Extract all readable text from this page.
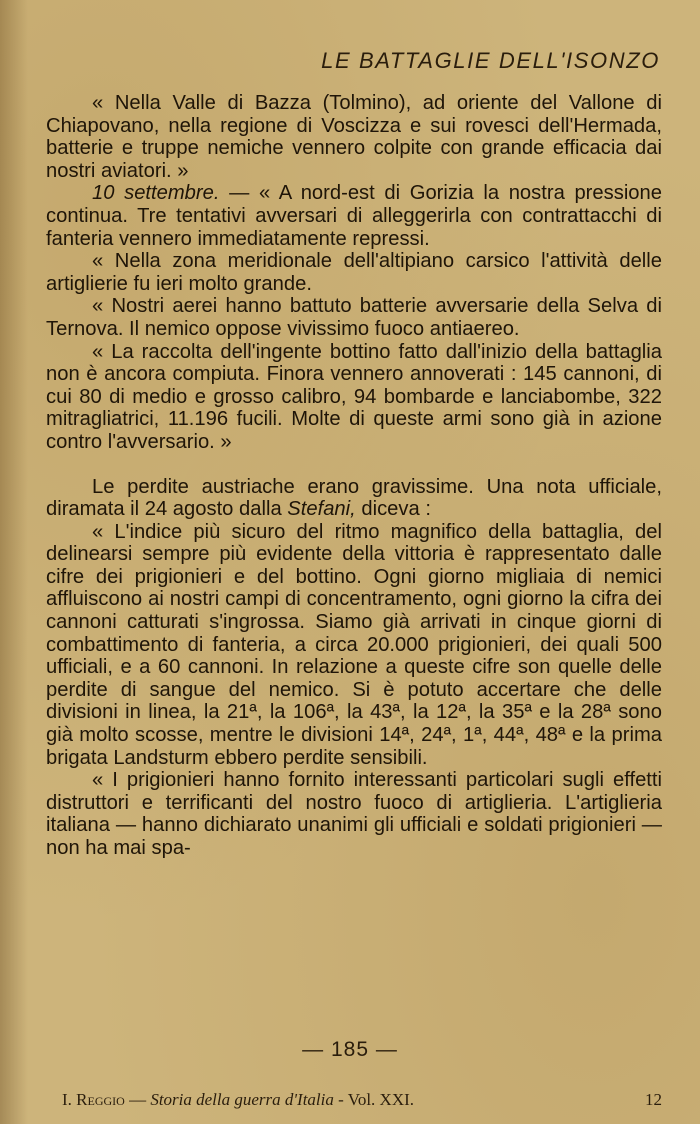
LE BATTAGLIE DELL'ISONZO

« Nella Valle di Bazza (Tolmino), ad oriente del Vallone di Chiapovano, nella regione di Voscizza e sui rovesci dell'Hermada, batterie e truppe nemiche vennero colpite con grande efficacia dai nostri aviatori. »

10 settembre. — « A nord-est di Gorizia la nostra pressione continua. Tre tentativi avversari di alleggerirla con contrattacchi di fanteria vennero immediatamente repressi.

« Nella zona meridionale dell'altipiano carsico l'attività delle artiglierie fu ieri molto grande.

« Nostri aerei hanno battuto batterie avversarie della Selva di Ternova. Il nemico oppose vivissimo fuoco antiaereo.

« La raccolta dell'ingente bottino fatto dall'inizio della battaglia non è ancora compiuta. Finora vennero annoverati : 145 cannoni, di cui 80 di medio e grosso calibro, 94 bombarde e lanciabombe, 322 mitragliatrici, 11.196 fucili. Molte di queste armi sono già in azione contro l'avversario. »

Le perdite austriache erano gravissime. Una nota ufficiale, diramata il 24 agosto dalla Stefani, diceva :

« L'indice più sicuro del ritmo magnifico della battaglia, del delinearsi sempre più evidente della vittoria è rappresentato dalle cifre dei prigionieri e del bottino. Ogni giorno migliaia di nemici affluiscono ai nostri campi di concentramento, ogni giorno la cifra dei cannoni catturati s'ingrossa. Siamo già arrivati in cinque giorni di combattimento di fanteria, a circa 20.000 prigionieri, dei quali 500 ufficiali, e a 60 cannoni. In relazione a queste cifre son quelle delle perdite di sangue del nemico. Si è potuto accertare che delle divisioni in linea, la 21ª, la 106ª, la 43ª, la 12ª, la 35ª e la 28ª sono già molto scosse, mentre le divisioni 14ª, 24ª, 1ª, 44ª, 48ª e la prima brigata Landsturm ebbero perdite sensibili.

« I prigionieri hanno fornito interessanti particolari sugli effetti distruttori e terrificanti del nostro fuoco di artiglieria. L'artiglieria italiana — hanno dichiarato unanimi gli ufficiali e soldati prigionieri — non ha mai spa-

— 185 —
I. Reggio — Storia della guerra d'Italia - Vol. XXI.	12
